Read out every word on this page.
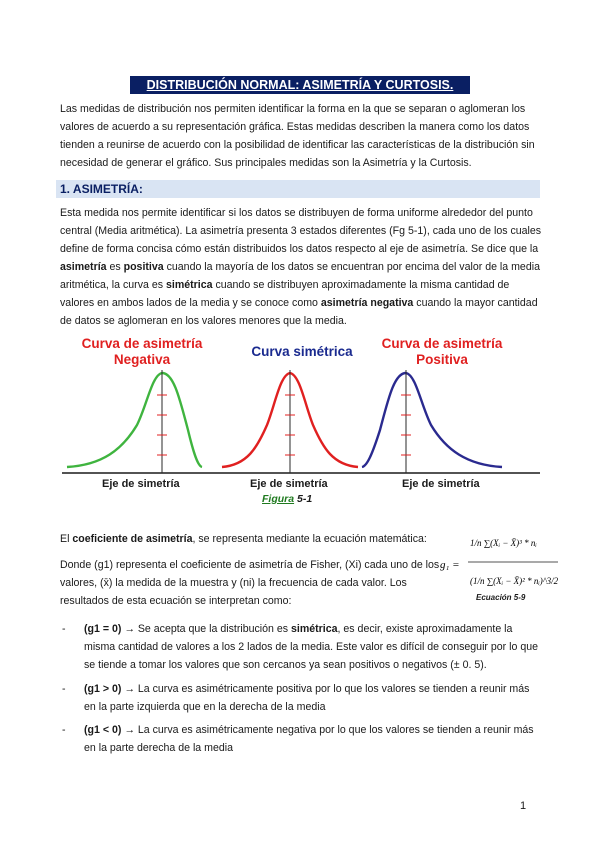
DISTRIBUCIÓN NORMAL: ASIMETRÍA Y CURTOSIS.

Las medidas de distribución nos permiten identificar la forma en la que se separan o aglomeran los valores de acuerdo a su representación gráfica. Estas medidas describen la manera como los datos tienden a reunirse de acuerdo con la posibilidad de identificar las características de la distribución sin necesidad de generar el gráfico. Sus principales medidas son la Asimetría y la Curtosis.

1. ASIMETRÍA:

Esta medida nos permite identificar si los datos se distribuyen de forma uniforme alrededor del punto central (Media aritmética). La asimetría presenta 3 estados diferentes (Fg 5-1), cada uno de los cuales define de forma concisa cómo están distribuidos los datos respecto al eje de asimetría. Se dice que la asimetría es positiva cuando la mayoría de los datos se encuentran por encima del valor de la media aritmética, la curva es simétrica cuando se distribuyen aproximadamente la misma cantidad de valores en ambos lados de la media y se conoce como asimetría negativa cuando la mayor cantidad de datos se aglomeran en los valores menores que la media.

Curva de asimetría
Negativa
Curva simétrica
Curva de asimetría
Positiva
Eje de simetría	Eje de simetría	Eje de simetría
Figura 5-1

El coeficiente de asimetría, se representa mediante la ecuación matemática:

g₁ =
1/n ∑(Xᵢ − X̄)³ * nᵢ
(1/n ∑(Xᵢ − X̄)² * nᵢ)^3/2
Ecuación 5-9

Donde (g1) representa el coeficiente de asimetría de Fisher, (Xi) cada uno de los valores, (x̄) la medida de la muestra y (ni) la frecuencia de cada valor. Los resultados de esta ecuación se interpretan como:

- (g1 = 0) → Se acepta que la distribución es simétrica, es decir, existe aproximadamente la misma cantidad de valores a los 2 lados de la media. Este valor es difícil de conseguir por lo que se tiende a tomar los valores que son cercanos ya sean positivos o negativos (± 0. 5).
- (g1 > 0) → La curva es asimétricamente positiva por lo que los valores se tienden a reunir más en la parte izquierda que en la derecha de la media
- (g1 < 0) → La curva es asimétricamente negativa por lo que los valores se tienden a reunir más en la parte derecha de la media
1
